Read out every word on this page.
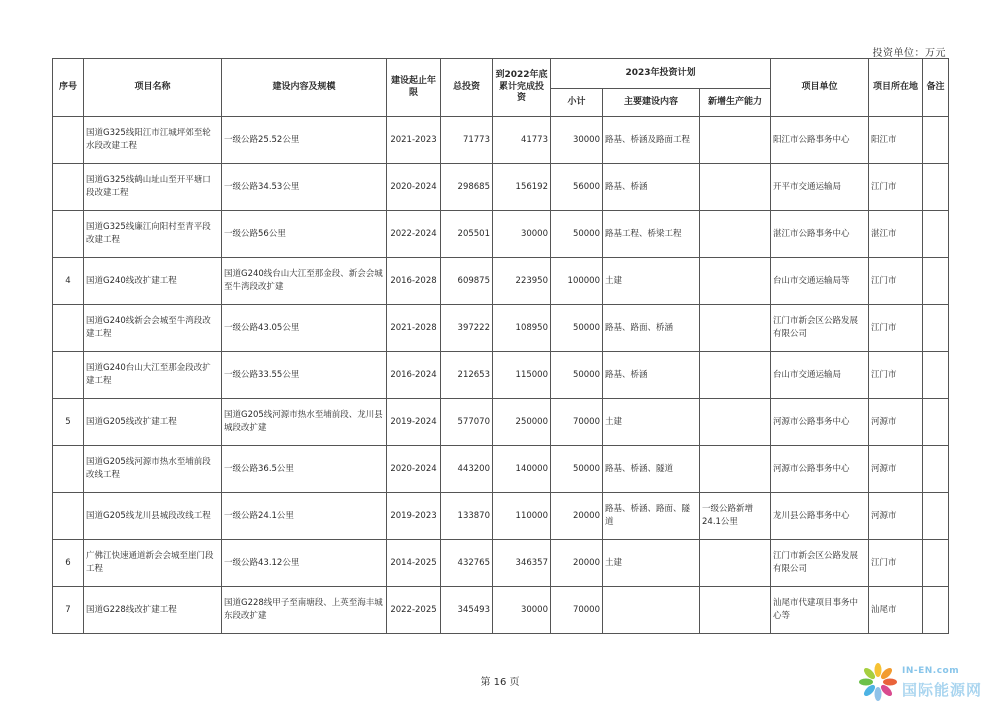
投资单位：万元
序号	项目名称	建设内容及规模	建设起止年限	总投资	到2022年底累计完成投资	2023年投资计划			项目单位	项目所在地	备注
						小计	主要建设内容	新增生产能力			
	国道G325线阳江市江城坪郊至轮水段改建工程	一级公路25.52公里	2021-2023	71773	41773	30000	路基、桥涵及路面工程		阳江市公路事务中心	阳江市	
	国道G325线鹤山址山至开平塘口段改建工程	一级公路34.53公里	2020-2024	298685	156192	56000	路基、桥涵		开平市交通运输局	江门市	
	国道G325线廉江向阳村至青平段改建工程	一级公路56公里	2022-2024	205501	30000	50000	路基工程、桥梁工程		湛江市公路事务中心	湛江市	
4	国道G240线改扩建工程	国道G240线台山大江至那金段、新会会城至牛湾段改扩建	2016-2028	609875	223950	100000	土建		台山市交通运输局等	江门市	
	国道G240线新会会城至牛湾段改建工程	一级公路43.05公里	2021-2028	397222	108950	50000	路基、路面、桥涵		江门市新会区公路发展有限公司	江门市	
	国道G240台山大江至那金段改扩建工程	一级公路33.55公里	2016-2024	212653	115000	50000	路基、桥涵		台山市交通运输局	江门市	
5	国道G205线改扩建工程	国道G205线河源市热水至埔前段、龙川县城段改扩建	2019-2024	577070	250000	70000	土建		河源市公路事务中心	河源市	
	国道G205线河源市热水至埔前段改线工程	一级公路36.5公里	2020-2024	443200	140000	50000	路基、桥涵、隧道		河源市公路事务中心	河源市	
	国道G205线龙川县城段改线工程	一级公路24.1公里	2019-2023	133870	110000	20000	路基、桥涵、路面、隧道	一级公路新增24.1公里	龙川县公路事务中心	河源市	
6	广佛江快速通道新会会城至崖门段工程	一级公路43.12公里	2014-2025	432765	346357	20000	土建		江门市新会区公路发展有限公司	江门市	
7	国道G228线改扩建工程	国道G228线甲子至南塘段、上英至海丰城东段改扩建	2022-2025	345493	30000	70000			汕尾市代建项目事务中心等	汕尾市	
第 16 页
IN-EN.com
国际能源网
